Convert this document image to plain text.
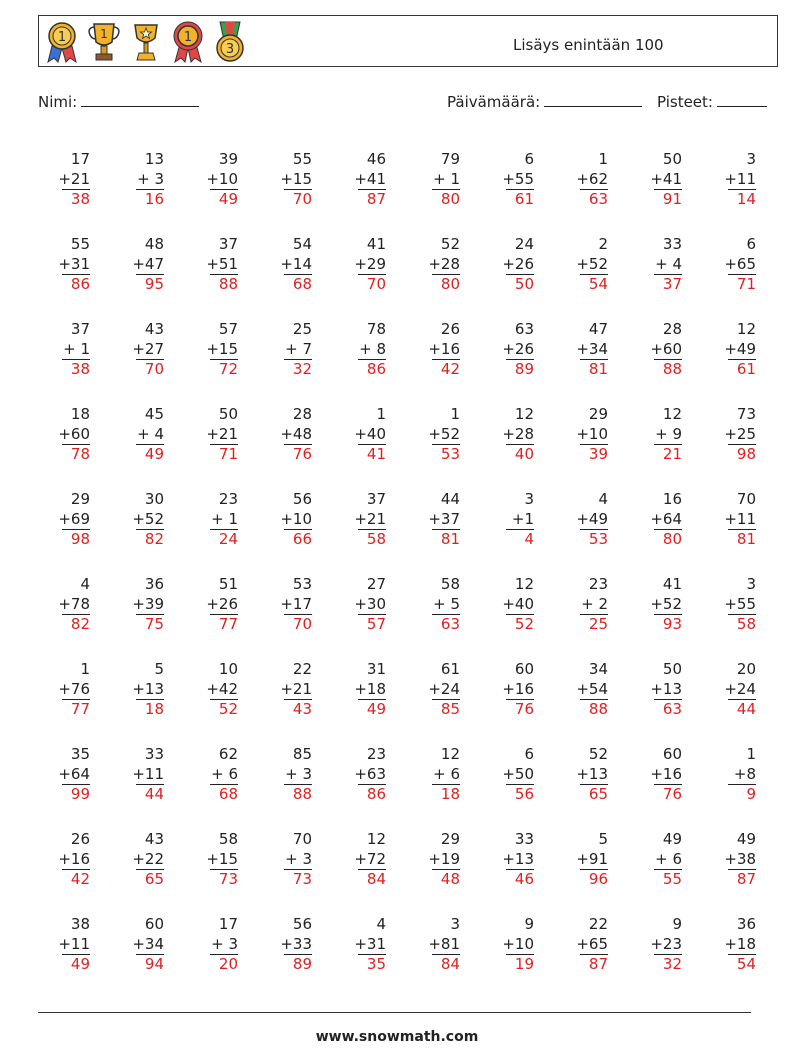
1	1	1
3	Lisäys enintään 100
Nimi:	Päivämäärä:	Pisteet:
17
+21
38
13
+ 3
16
39
+10
49
55
+15
70
46
+41
87
79
+ 1
80
6
+55
61
1
+62
63
50
+41
91
3
+11
14
55
+31
86
48
+47
95
37
+51
88
54
+14
68
41
+29
70
52
+28
80
24
+26
50
2
+52
54
33
+ 4
37
6
+65
71
37
+ 1
38
43
+27
70
57
+15
72
25
+ 7
32
78
+ 8
86
26
+16
42
63
+26
89
47
+34
81
28
+60
88
12
+49
61
18
+60
78
45
+ 4
49
50
+21
71
28
+48
76
1
+40
41
1
+52
53
12
+28
40
29
+10
39
12
+ 9
21
73
+25
98
29
+69
98
30
+52
82
23
+ 1
24
56
+10
66
37
+21
58
44
+37
81
3
+1
4
4
+49
53
16
+64
80
70
+11
81
4
+78
82
36
+39
75
51
+26
77
53
+17
70
27
+30
57
58
+ 5
63
12
+40
52
23
+ 2
25
41
+52
93
3
+55
58
1
+76
77
5
+13
18
10
+42
52
22
+21
43
31
+18
49
61
+24
85
60
+16
76
34
+54
88
50
+13
63
20
+24
44
35
+64
99
33
+11
44
62
+ 6
68
85
+ 3
88
23
+63
86
12
+ 6
18
6
+50
56
52
+13
65
60
+16
76
1
+8
9
26
+16
42
43
+22
65
58
+15
73
70
+ 3
73
12
+72
84
29
+19
48
33
+13
46
5
+91
96
49
+ 6
55
49
+38
87
38
+11
49
60
+34
94
17
+ 3
20
56
+33
89
4
+31
35
3
+81
84
9
+10
19
22
+65
87
9
+23
32
36
+18
54
www.snowmath.com
